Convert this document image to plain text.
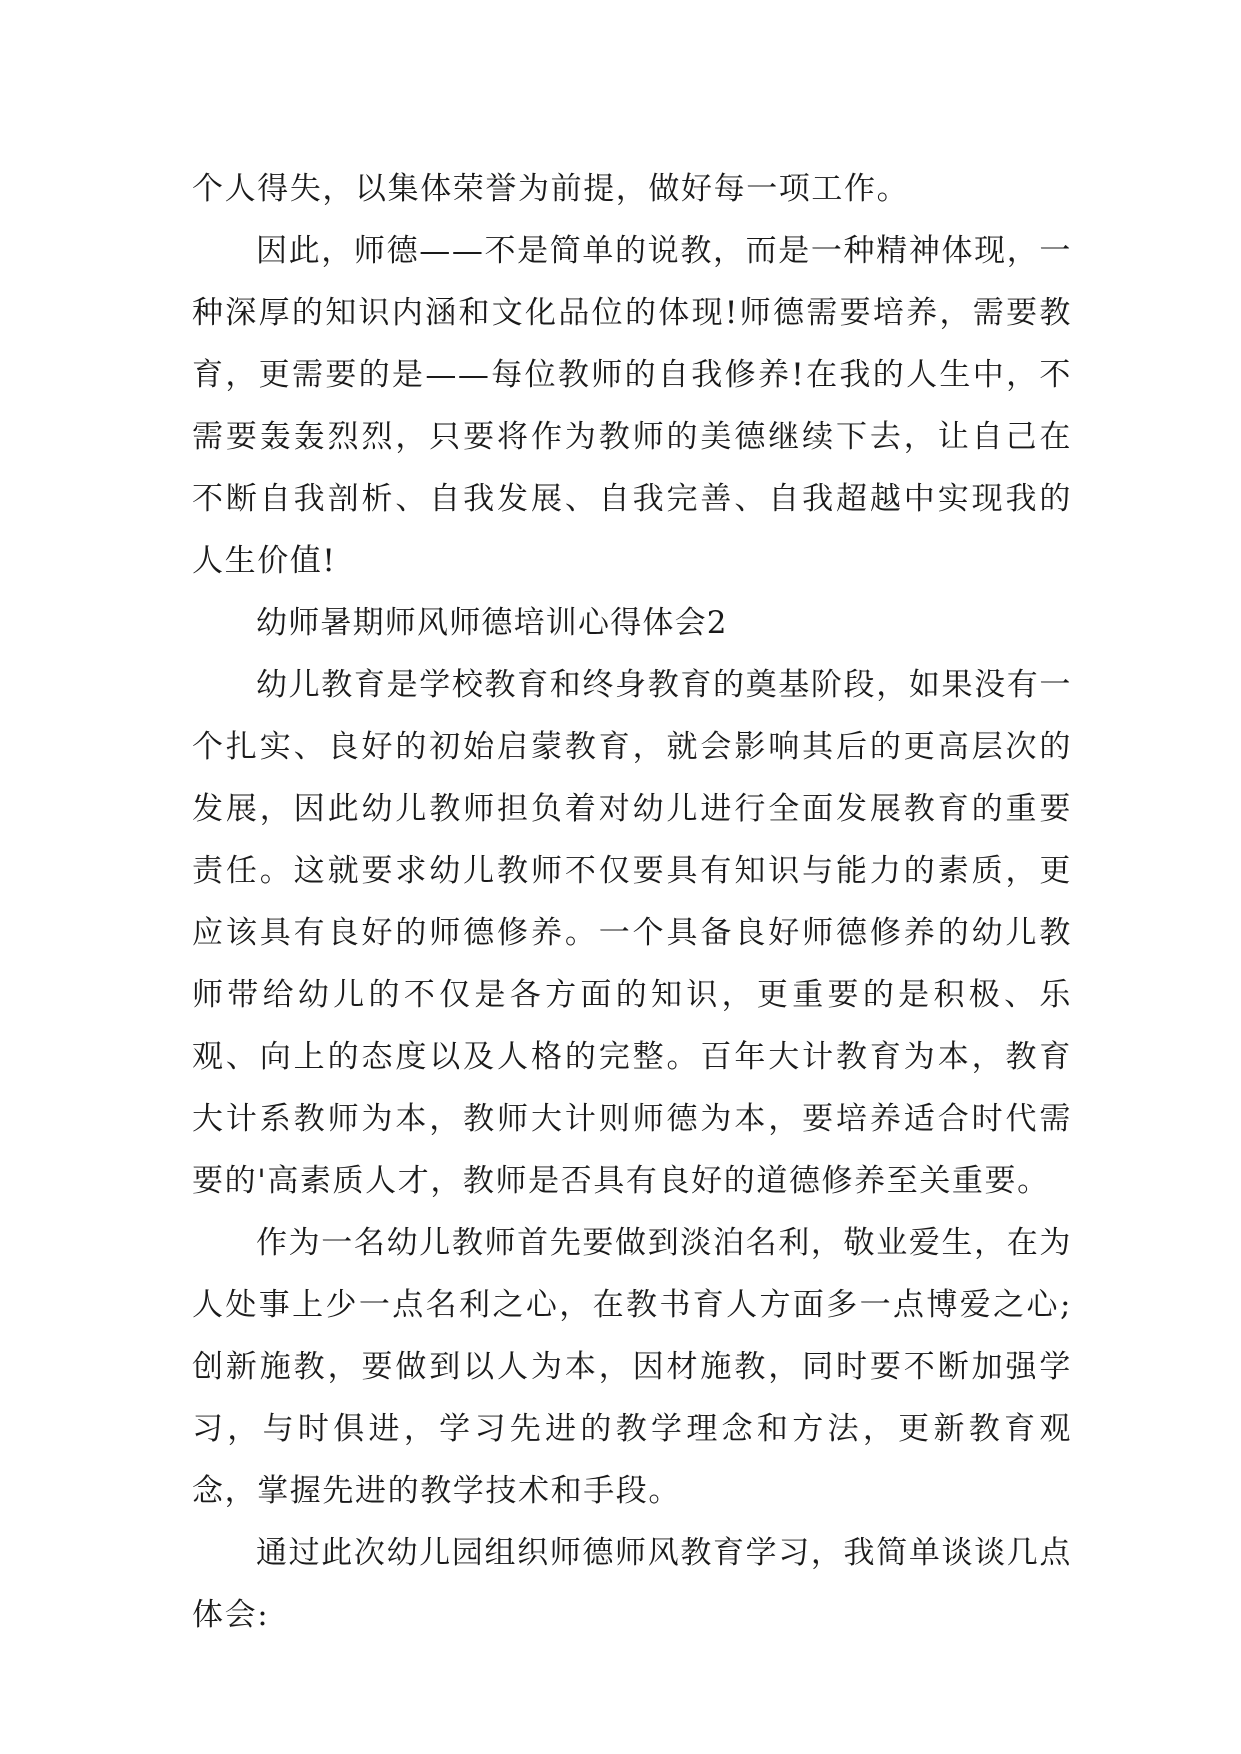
个人得失，以集体荣誉为前提，做好每一项工作。

因此，师德——不是简单的说教，而是一种精神体现，一种深厚的知识内涵和文化品位的体现!师德需要培养，需要教育，更需要的是——每位教师的自我修养!在我的人生中，不需要轰轰烈烈，只要将作为教师的美德继续下去，让自己在不断自我剖析、自我发展、自我完善、自我超越中实现我的人生价值!

幼师暑期师风师德培训心得体会2

幼儿教育是学校教育和终身教育的奠基阶段，如果没有一个扎实、良好的初始启蒙教育，就会影响其后的更高层次的发展，因此幼儿教师担负着对幼儿进行全面发展教育的重要责任。这就要求幼儿教师不仅要具有知识与能力的素质，更应该具有良好的师德修养。一个具备良好师德修养的幼儿教师带给幼儿的不仅是各方面的知识，更重要的是积极、乐观、向上的态度以及人格的完整。百年大计教育为本，教育大计系教师为本，教师大计则师德为本，要培养适合时代需要的'高素质人才，教师是否具有良好的道德修养至关重要。

作为一名幼儿教师首先要做到淡泊名利，敬业爱生，在为人处事上少一点名利之心，在教书育人方面多一点博爱之心;创新施教，要做到以人为本，因材施教，同时要不断加强学习，与时俱进，学习先进的教学理念和方法，更新教育观念，掌握先进的教学技术和手段。

通过此次幼儿园组织师德师风教育学习，我简单谈谈几点体会:
